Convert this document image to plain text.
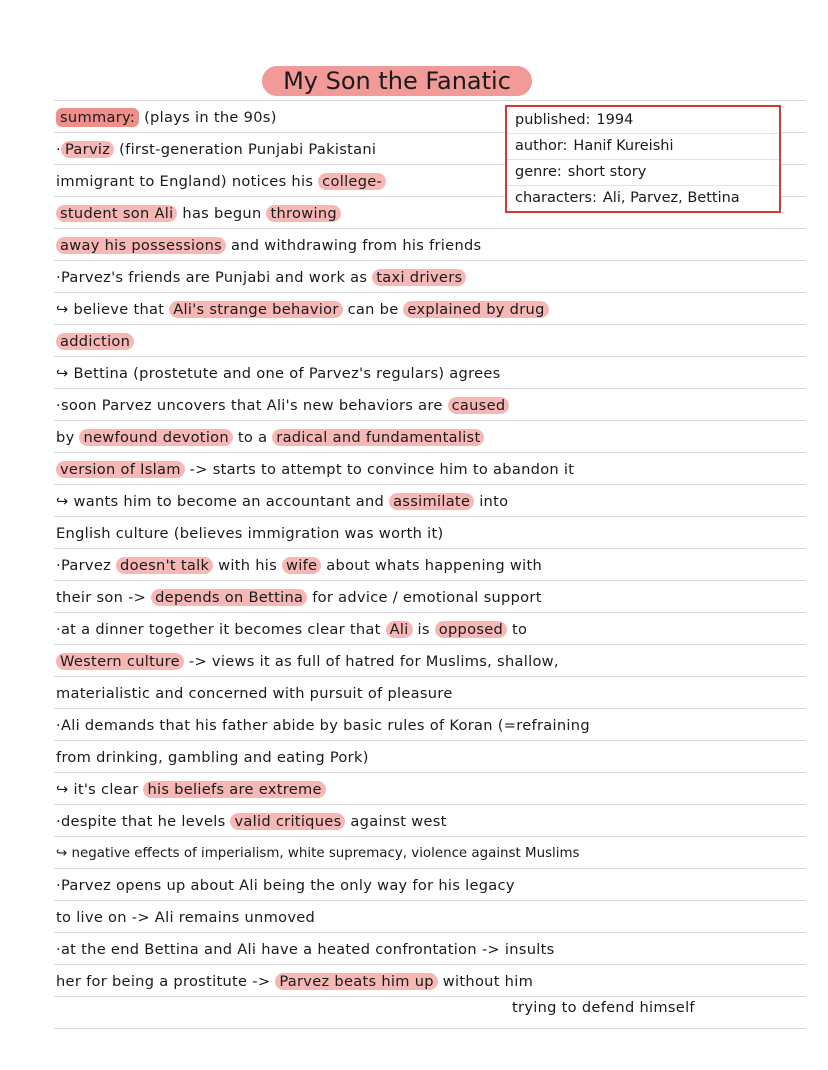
My Son the Fanatic
published: 1994
author: Hanif Kureishi
genre: short story
characters: Ali, Parvez, Bettina
summary: (plays in the 90s)
· Parviz (first-generation Punjabi Pakistani
immigrant to England) notices his college-
student son Ali has begun throwing
away his possessions and withdrawing from his friends
·Parvez's friends are Punjabi and work as taxi drivers
↪ believe that Ali's strange behavior can be explained by drug
addiction
↪ Bettina (prostetute and one of Parvez's regulars) agrees
·soon Parvez uncovers that Ali's new behaviors are caused
by newfound devotion to a radical and fundamentalist
version of Islam -> starts to attempt to convince him to abandon it
↪ wants him to become an accountant and assimilate into
English culture (believes immigration was worth it)
·Parvez doesn't talk with his wife about whats happening with
their son -> depends on Bettina for advice / emotional support
·at a dinner together it becomes clear that Ali is opposed to
Western culture -> views it as full of hatred for Muslims, shallow,
materialistic and concerned with pursuit of pleasure
·Ali demands that his father abide by basic rules of Koran (=refraining
from drinking, gambling and eating Pork)
↪ it's clear his beliefs are extreme
·despite that he levels valid critiques against west
↪ negative effects of imperialism, white supremacy, violence against Muslims
·Parvez opens up about Ali being the only way for his legacy
to live on -> Ali remains unmoved
·at the end Bettina and Ali have a heated confrontation -> insults
her for being a prostitute -> Parvez beats him up without him
trying to defend himself
